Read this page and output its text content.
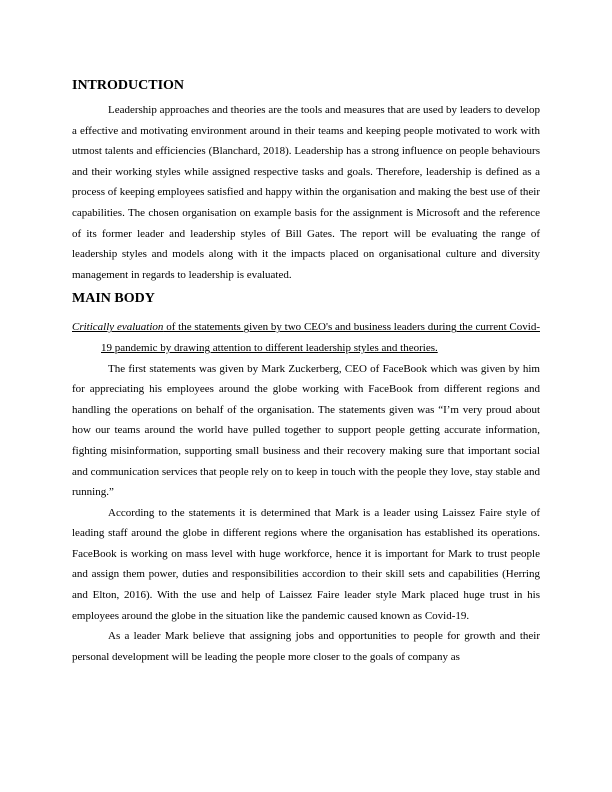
INTRODUCTION

Leadership approaches and theories are the tools and measures that are used by leaders to develop a effective and motivating environment around in their teams and keeping people motivated to work with utmost talents and efficiencies (Blanchard, 2018). Leadership has a strong influence on people behaviours and their working styles while assigned respective tasks and goals. Therefore, leadership is defined as a process of keeping employees satisfied and happy within the organisation and making the best use of their capabilities. The chosen organisation on example basis for the assignment is Microsoft and the reference of its former leader and leadership styles of Bill Gates. The report will be evaluating the range of leadership styles and models along with it the impacts placed on organisational culture and diversity management in regards to leadership is evaluated.

MAIN BODY

Critically evaluation of the statements given by two CEO's and business leaders during the current Covid-19 pandemic by drawing attention to different leadership styles and theories.

The first statements was given by Mark Zuckerberg, CEO of FaceBook which was given by him for appreciating his employees around the globe working with FaceBook from different regions and handling the operations on behalf of the organisation. The statements given was “I’m very proud about how our teams around the world have pulled together to support people getting accurate information, fighting misinformation, supporting small business and their recovery making sure that important social and communication services that people rely on to keep in touch with the people they love, stay stable and running.”

According to the statements it is determined that Mark is a leader using Laissez Faire style of leading staff around the globe in different regions where the organisation has established its operations. FaceBook is working on mass level with huge workforce, hence it is important for Mark to trust people and assign them power, duties and responsibilities accordion to their skill sets and capabilities (Herring and Elton, 2016). With the use and help of Laissez Faire leader style Mark placed huge trust in his employees around the globe in the situation like the pandemic caused known as Covid-19.

As a leader Mark believe that assigning jobs and opportunities to people for growth and their personal development will be leading the people more closer to the goals of company as
